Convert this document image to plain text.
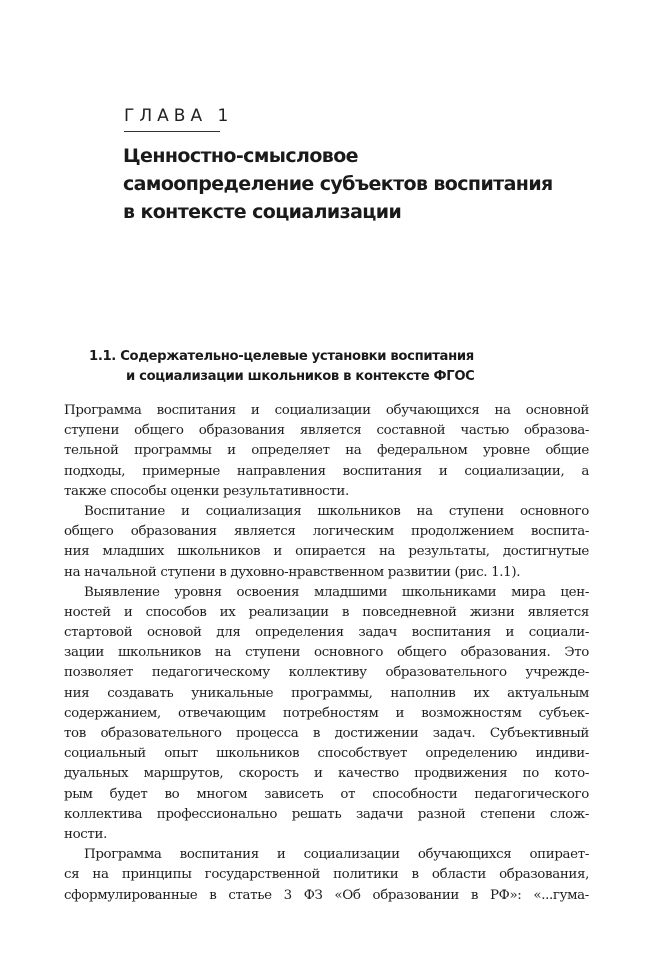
ГЛАВА 1
Ценностно-смысловое
самоопределение субъектов воспитания
в контексте социализации
1.1. Содержательно-целевые установки воспитания
и социализации школьников в контексте ФГОС
Программа воспитания и социализации обучающихся на основной
ступени общего образования является составной частью образова-
тельной программы и определяет на федеральном уровне общие
подходы, примерные направления воспитания и социализации, а
также способы оценки результативности.
Воспитание и социализация школьников на ступени основного
общего образования является логическим продолжением воспита-
ния младших школьников и опирается на результаты, достигнутые
на начальной ступени в духовно-нравственном развитии (рис. 1.1).
Выявление уровня освоения младшими школьниками мира цен-
ностей и способов их реализации в повседневной жизни является
стартовой основой для определения задач воспитания и социали-
зации школьников на ступени основного общего образования. Это
позволяет педагогическому коллективу образовательного учрежде-
ния создавать уникальные программы, наполнив их актуальным
содержанием, отвечающим потребностям и возможностям субъек-
тов образовательного процесса в достижении задач. Субъективный
социальный опыт школьников способствует определению индиви-
дуальных маршрутов, скорость и качество продвижения по кото-
рым будет во многом зависеть от способности педагогического
коллектива профессионально решать задачи разной степени слож-
ности.
Программа воспитания и социализации обучающихся опирает-
ся на принципы государственной политики в области образования,
сформулированные в статье 3 ФЗ «Об образовании в РФ»: «...гума-
